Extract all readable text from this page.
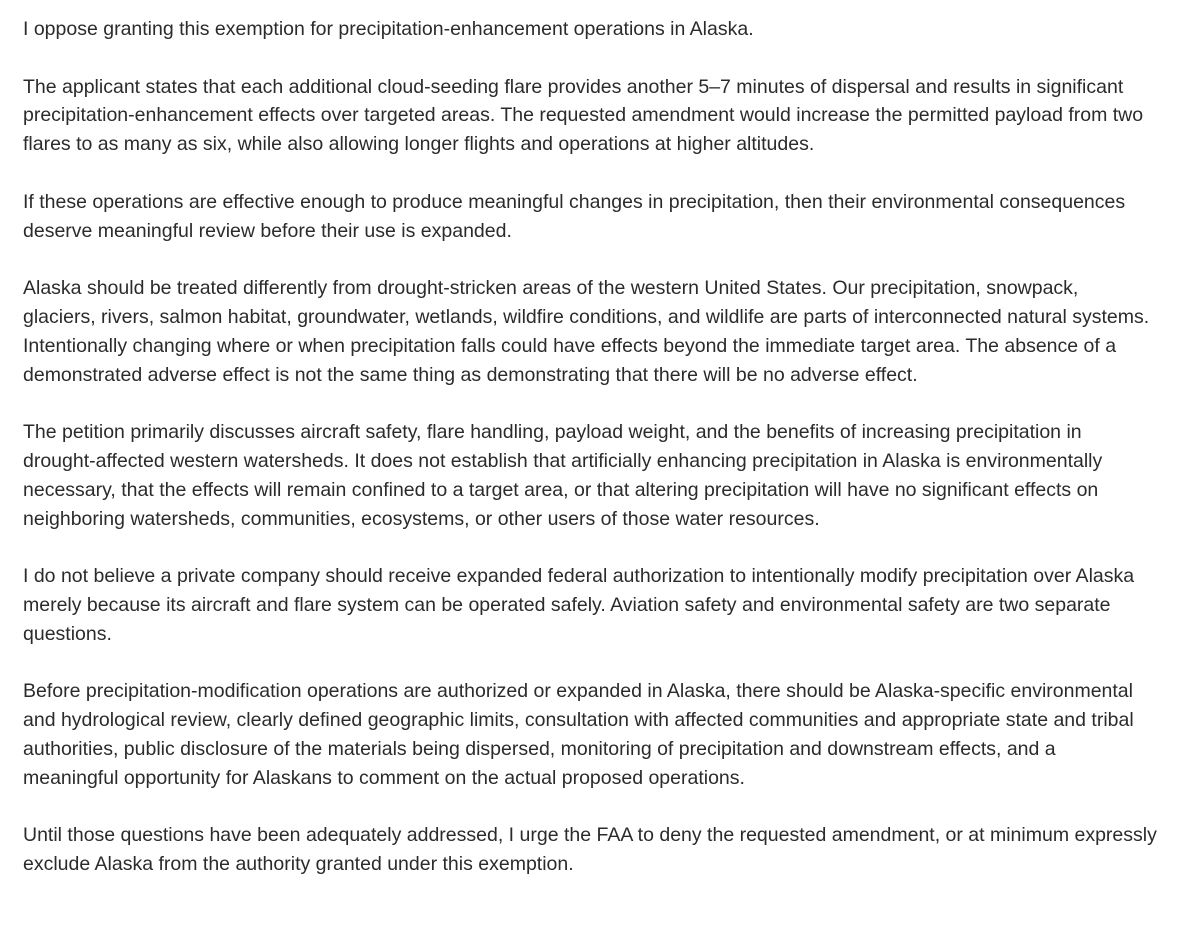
I oppose granting this exemption for precipitation-enhancement operations in Alaska.

The applicant states that each additional cloud-seeding flare provides another 5–7 minutes of dispersal and results in significant
precipitation-enhancement effects over targeted areas. The requested amendment would increase the permitted payload from two
flares to as many as six, while also allowing longer flights and operations at higher altitudes.

If these operations are effective enough to produce meaningful changes in precipitation, then their environmental consequences
deserve meaningful review before their use is expanded.

Alaska should be treated differently from drought-stricken areas of the western United States. Our precipitation, snowpack,
glaciers, rivers, salmon habitat, groundwater, wetlands, wildfire conditions, and wildlife are parts of interconnected natural systems.
Intentionally changing where or when precipitation falls could have effects beyond the immediate target area. The absence of a
demonstrated adverse effect is not the same thing as demonstrating that there will be no adverse effect.

The petition primarily discusses aircraft safety, flare handling, payload weight, and the benefits of increasing precipitation in
drought-affected western watersheds. It does not establish that artificially enhancing precipitation in Alaska is environmentally
necessary, that the effects will remain confined to a target area, or that altering precipitation will have no significant effects on
neighboring watersheds, communities, ecosystems, or other users of those water resources.

I do not believe a private company should receive expanded federal authorization to intentionally modify precipitation over Alaska
merely because its aircraft and flare system can be operated safely. Aviation safety and environmental safety are two separate
questions.

Before precipitation-modification operations are authorized or expanded in Alaska, there should be Alaska-specific environmental
and hydrological review, clearly defined geographic limits, consultation with affected communities and appropriate state and tribal
authorities, public disclosure of the materials being dispersed, monitoring of precipitation and downstream effects, and a
meaningful opportunity for Alaskans to comment on the actual proposed operations.

Until those questions have been adequately addressed, I urge the FAA to deny the requested amendment, or at minimum expressly
exclude Alaska from the authority granted under this exemption.
